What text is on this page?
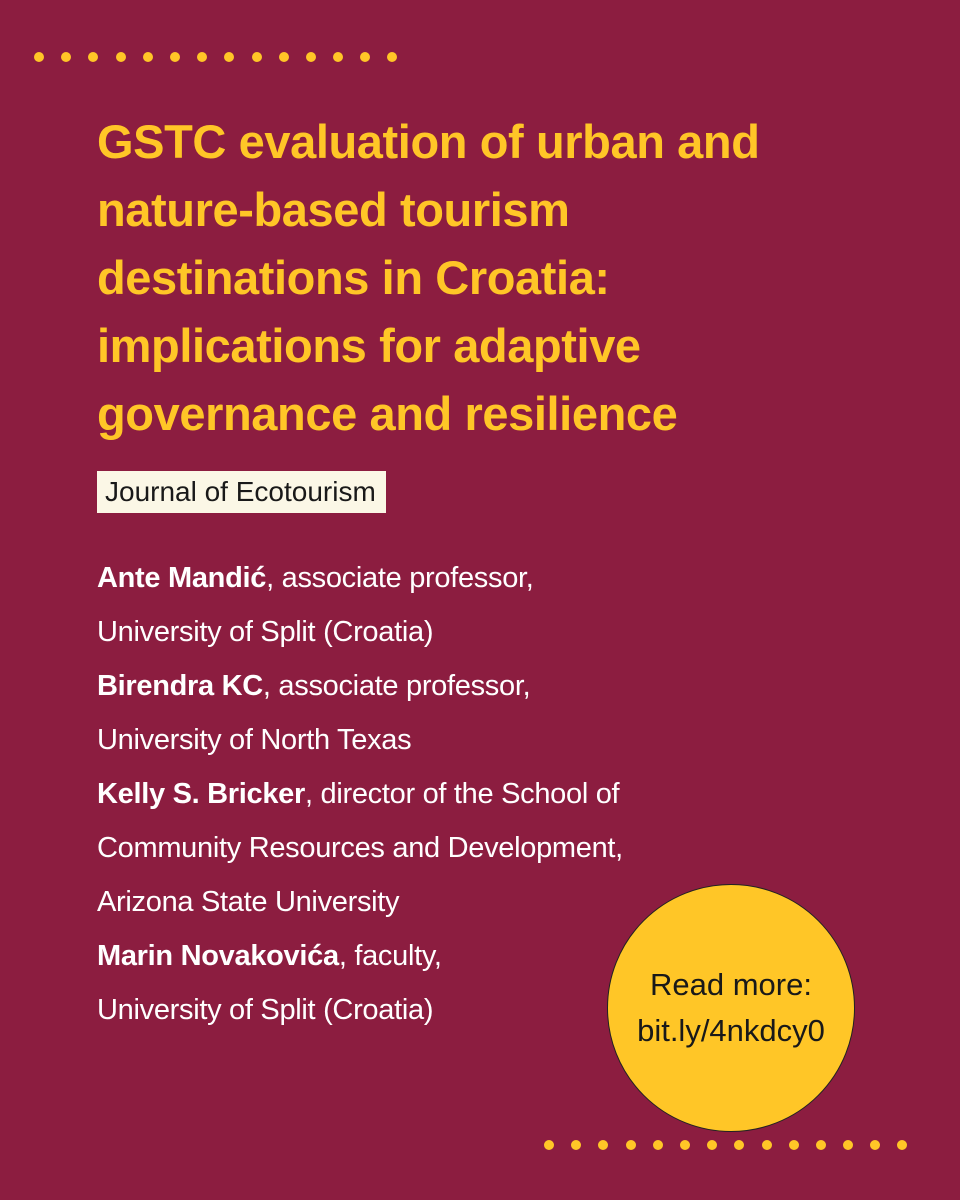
GSTC evaluation of urban and nature-based tourism destinations in Croatia: implications for adaptive governance and resilience
Journal of Ecotourism
Ante Mandić, associate professor,
University of Split (Croatia)
Birendra KC, associate professor,
University of North Texas
Kelly S. Bricker, director of the School of
Community Resources and Development,
Arizona State University
Marin Novakovića, faculty,
University of Split (Croatia)
Read more:
bit.ly/4nkdcy0
